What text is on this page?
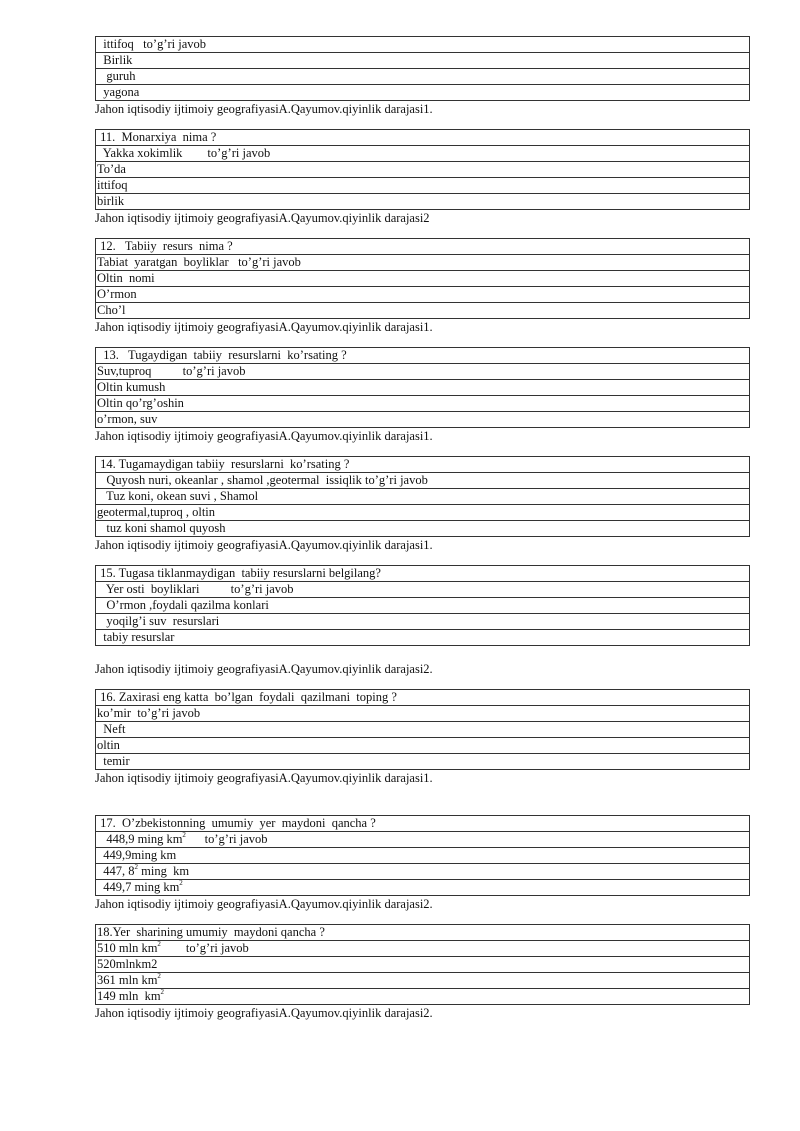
ittifoq   to’g’ri javob
Birlik
guruh
yagona
Jahon iqtisodiy ijtimoiy geografiyasiA.Qayumov.qiyinlik darajasi1.
11.  Monarxiya  nima ?
Yakka xokimlik        to’g’ri javob
To’da
ittifoq
birlik
Jahon iqtisodiy ijtimoiy geografiyasiA.Qayumov.qiyinlik darajasi2
12.   Tabiiy  resurs  nima ?
Tabiat  yaratgan  boyliklar   to’g’ri javob
Oltin  nomi
O’rmon
Cho’l
Jahon iqtisodiy ijtimoiy geografiyasiA.Qayumov.qiyinlik darajasi1.
13.   Tugaydigan  tabiiy  resurslarni  ko’rsating ?
Suv,tuproq          to’g’ri javob
Oltin kumush
Oltin qo’rg’oshin
o’rmon, suv
Jahon iqtisodiy ijtimoiy geografiyasiA.Qayumov.qiyinlik darajasi1.
14. Tugamaydigan tabiiy  resurslarni  ko’rsating ?
Quyosh nuri, okeanlar , shamol ,geotermal  issiqlik to’g’ri javob
Tuz koni, okean suvi , Shamol
geotermal,tuproq , oltin
tuz koni shamol quyosh
Jahon iqtisodiy ijtimoiy geografiyasiA.Qayumov.qiyinlik darajasi1.
15. Tugasa tiklanmaydigan  tabiiy resurslarni belgilang?
Yer osti  boyliklari          to’g’ri javob
O’rmon ,foydali qazilma konlari
yoqilg’i suv  resurslari
tabiy resurslar
Jahon iqtisodiy ijtimoiy geografiyasiA.Qayumov.qiyinlik darajasi2.
16. Zaxirasi eng katta  bo’lgan  foydali  qazilmani  toping ?
ko’mir  to’g’ri javob
Neft
oltin
temir
Jahon iqtisodiy ijtimoiy geografiyasiA.Qayumov.qiyinlik darajasi1.
17.  O’zbekistonning  umumiy  yer  maydoni  qancha ?
448,9 ming $km^2$      to’g’ri javob
449,9ming km
447, $8^2$ ming  km
449,7 ming $km^2$
Jahon iqtisodiy ijtimoiy geografiyasiA.Qayumov.qiyinlik darajasi2.
18.Yer  sharining umumiy  maydoni qancha ?
510 mln $km^2$        to’g’ri javob
520mlnkm2
361 mln $km^2$
149 mln  $km^2$
Jahon iqtisodiy ijtimoiy geografiyasiA.Qayumov.qiyinlik darajasi2.
